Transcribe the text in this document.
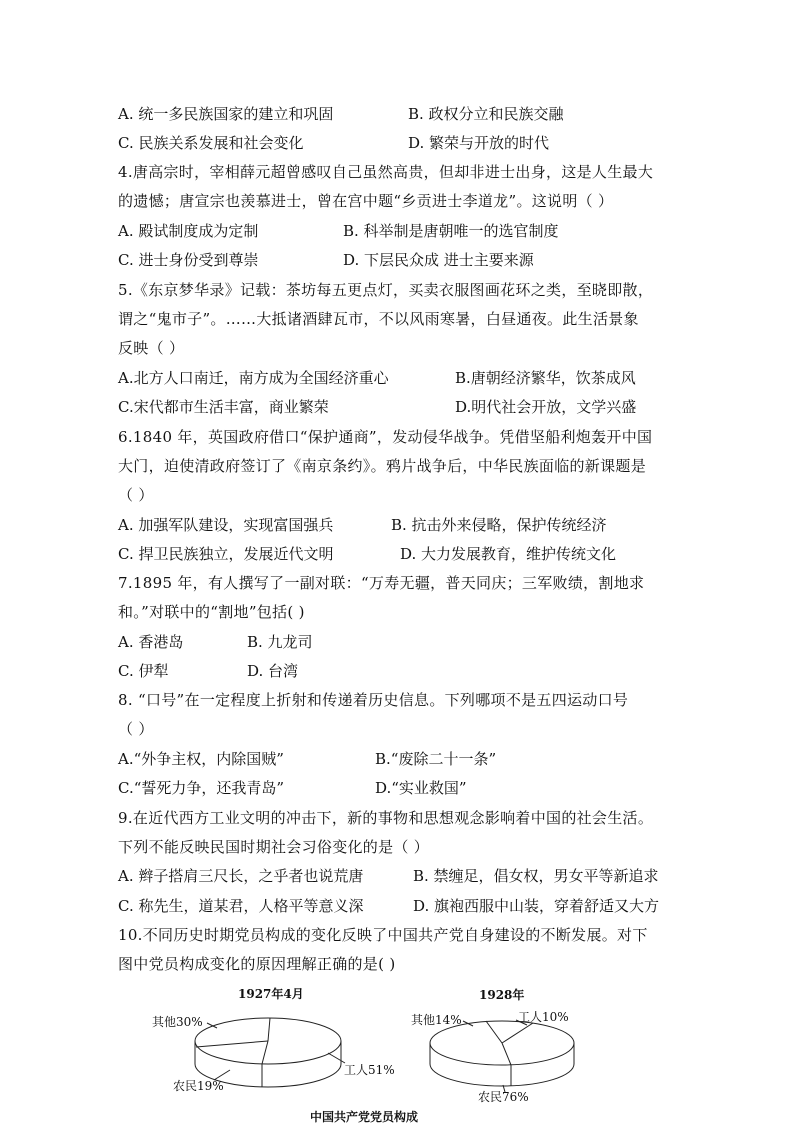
A. 统一多民族国家的建立和巩固	B. 政权分立和民族交融
C. 民族关系发展和社会变化	D. 繁荣与开放的时代
4.唐高宗时，宰相薛元超曾感叹自己虽然高贵，但却非进士出身，这是人生最大
的遗憾；唐宣宗也羡慕进士，曾在宫中题“乡贡进士李道龙”。这说明（ ）
A. 殿试制度成为定制	B. 科举制是唐朝唯一的选官制度
C. 进士身份受到尊崇	D. 下层民众成 进士主要来源
5.《东京梦华录》记载：茶坊每五更点灯，买卖衣服图画花环之类，至晓即散，
谓之“鬼市子”。……大抵诸酒肆瓦市，不以风雨寒暑，白昼通夜。此生活景象
反映（ ）
A.北方人口南迁，南方成为全国经济重心	B.唐朝经济繁华，饮茶成风
C.宋代都市生活丰富，商业繁荣	D.明代社会开放，文学兴盛
6.1840 年，英国政府借口“保护通商”，发动侵华战争。凭借坚船利炮轰开中国
大门，迫使清政府签订了《南京条约》。鸦片战争后，中华民族面临的新课题是
（ ）
A. 加强军队建设，实现富国强兵	B. 抗击外来侵略，保护传统经济
C. 捍卫民族独立，发展近代文明	D. 大力发展教育，维护传统文化
7.1895 年，有人撰写了一副对联：“万寿无疆，普天同庆；三军败绩，割地求
和。”对联中的“割地”包括( )
A. 香港岛	B. 九龙司
C. 伊犁	D. 台湾
8. “口号”在一定程度上折射和传递着历史信息。下列哪项不是五四运动口号
（ ）
A.“外争主权，内除国贼”	B.“废除二十一条”
C.“誓死力争，还我青岛”	D.“实业救国”
9.在近代西方工业文明的冲击下，新的事物和思想观念影响着中国的社会生活。
下列不能反映民国时期社会习俗变化的是（ ）
A. 辫子搭肩三尺长，之乎者也说荒唐	B. 禁缠足，倡女权，男女平等新追求
C. 称先生，道某君，人格平等意义深	D. 旗袍西服中山装，穿着舒适又大方
10.不同历史时期党员构成的变化反映了中国共产党自身建设的不断发展。对下
图中党员构成变化的原因理解正确的是( )
1927年4月	1928年
其他30%
工人51%
农民19%
其他14%	工人10%
农民76%
中国共产党党员构成
